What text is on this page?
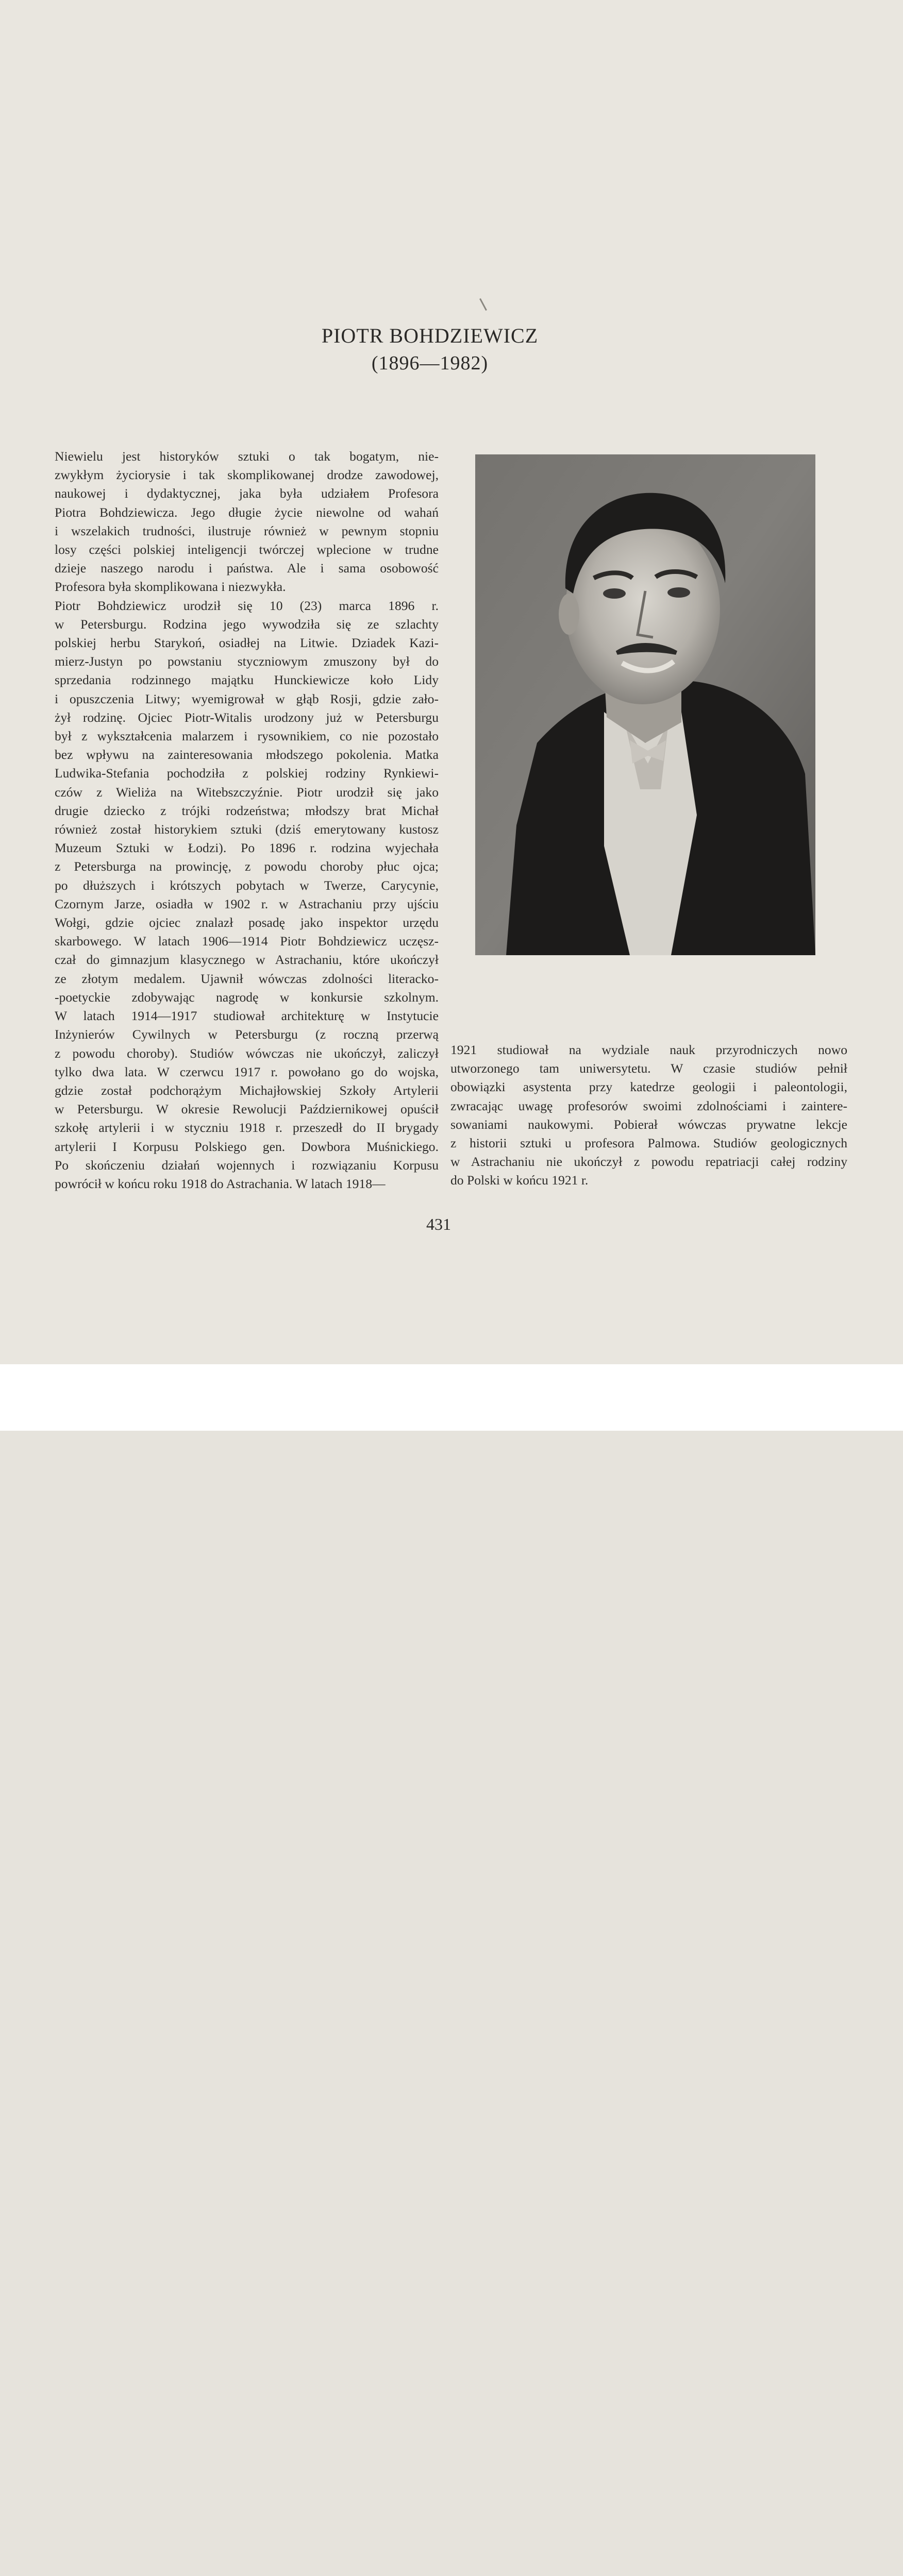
PIOTR BOHDZIEWICZ
(1896—1982)
Niewielu jest historyków sztuki o tak bogatym, nie-
zwykłym życiorysie i tak skomplikowanej drodze zawodowej,
naukowej i dydaktycznej, jaka była udziałem Profesora
Piotra Bohdziewicza. Jego długie życie niewolne od wahań
i wszelakich trudności, ilustruje również w pewnym stopniu
losy części polskiej inteligencji twórczej wplecione w trudne
dzieje naszego narodu i państwa. Ale i sama osobowość
Profesora była skomplikowana i niezwykła.
Piotr Bohdziewicz urodził się 10 (23) marca 1896 r.
w Petersburgu. Rodzina jego wywodziła się ze szlachty
polskiej herbu Starykoń, osiadłej na Litwie. Dziadek Kazi-
mierz-Justyn po powstaniu styczniowym zmuszony był do
sprzedania rodzinnego majątku Hunckiewicze koło Lidy
i opuszczenia Litwy; wyemigrował w głąb Rosji, gdzie zało-
żył rodzinę. Ojciec Piotr-Witalis urodzony już w Petersburgu
był z wykształcenia malarzem i rysownikiem, co nie pozostało
bez wpływu na zainteresowania młodszego pokolenia. Matka
Ludwika-Stefania pochodziła z polskiej rodziny Rynkiewi-
czów z Wieliża na Witebszczyźnie. Piotr urodził się jako
drugie dziecko z trójki rodzeństwa; młodszy brat Michał
również został historykiem sztuki (dziś emerytowany kustosz
Muzeum Sztuki w Łodzi). Po 1896 r. rodzina wyjechała
z Petersburga na prowincję, z powodu choroby płuc ojca;
po dłuższych i krótszych pobytach w Twerze, Carycynie,
Czornym Jarze, osiadła w 1902 r. w Astrachaniu przy ujściu
Wołgi, gdzie ojciec znalazł posadę jako inspektor urzędu
skarbowego. W latach 1906—1914 Piotr Bohdziewicz uczęsz-
czał do gimnazjum klasycznego w Astrachaniu, które ukończył
ze złotym medalem. Ujawnił wówczas zdolności literacko-
-poetyckie zdobywając nagrodę w konkursie szkolnym.
W latach 1914—1917 studiował architekturę w Instytucie
Inżynierów Cywilnych w Petersburgu (z roczną przerwą
z powodu choroby). Studiów wówczas nie ukończył, zaliczył
tylko dwa lata. W czerwcu 1917 r. powołano go do wojska,
gdzie został podchorążym Michajłowskiej Szkoły Artylerii
w Petersburgu. W okresie Rewolucji Październikowej opuścił
szkołę artylerii i w styczniu 1918 r. przeszedł do II brygady
artylerii I Korpusu Polskiego gen. Dowbora Muśnickiego.
Po skończeniu działań wojennych i rozwiązaniu Korpusu
powrócił w końcu roku 1918 do Astrachania. W latach 1918—
1921 studiował na wydziale nauk przyrodniczych nowo
utworzonego tam uniwersytetu. W czasie studiów pełnił
obowiązki asystenta przy katedrze geologii i paleontologii,
zwracając uwagę profesorów swoimi zdolnościami i zaintere-
sowaniami naukowymi. Pobierał wówczas prywatne lekcje
z historii sztuki u profesora Palmowa. Studiów geologicznych
w Astrachaniu nie ukończył z powodu repatriacji całej rodziny
do Polski w końcu 1921 r.
431
